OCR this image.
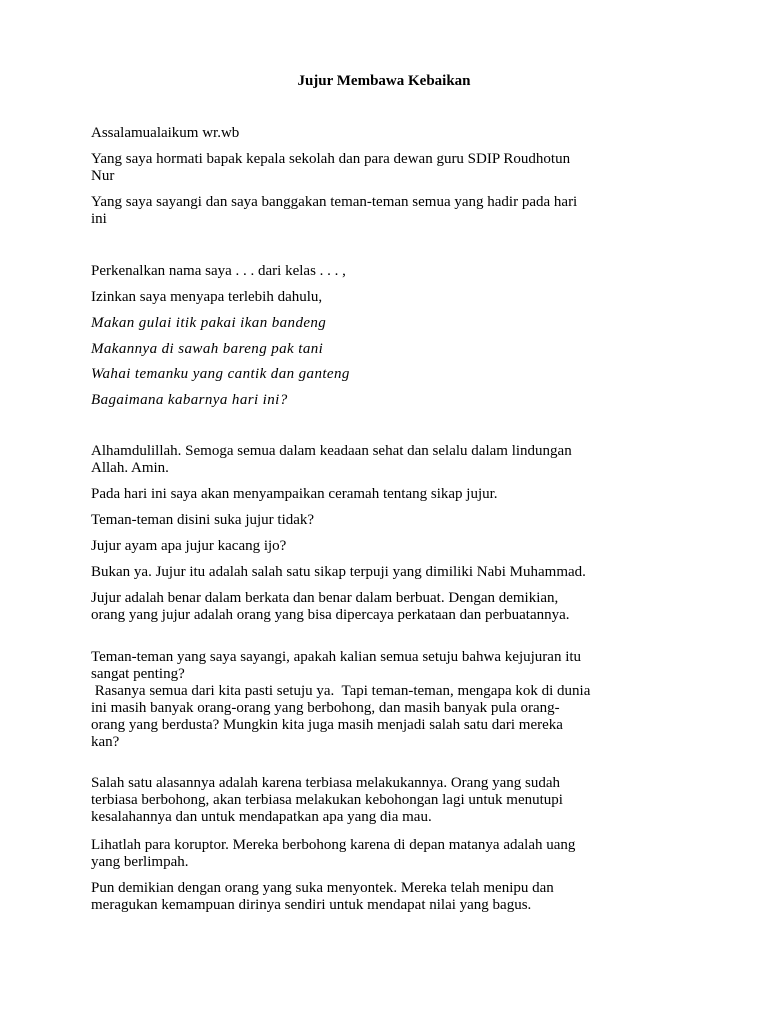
Jujur Membawa Kebaikan

Assalamualaikum wr.wb

Yang saya hormati bapak kepala sekolah dan para dewan guru SDIP Roudhotun

Nur

Yang saya sayangi dan saya banggakan teman-teman semua yang hadir pada hari

ini

Perkenalkan nama saya . . . dari kelas . . . ,

Izinkan saya menyapa terlebih dahulu,

Makan gulai itik pakai ikan bandeng

Makannya di sawah bareng pak tani

Wahai temanku yang cantik dan ganteng

Bagaimana kabarnya hari ini?

Alhamdulillah. Semoga semua dalam keadaan sehat dan selalu dalam lindungan

Allah. Amin.

Pada hari ini saya akan menyampaikan ceramah tentang sikap jujur.

Teman-teman disini suka jujur tidak?

Jujur ayam apa jujur kacang ijo?

Bukan ya. Jujur itu adalah salah satu sikap terpuji yang dimiliki Nabi Muhammad.

Jujur adalah benar dalam berkata dan benar dalam berbuat. Dengan demikian,

orang yang jujur adalah orang yang bisa dipercaya perkataan dan perbuatannya.

Teman-teman yang saya sayangi, apakah kalian semua setuju bahwa kejujuran itu

sangat penting?

Rasanya semua dari kita pasti setuju ya.  Tapi teman-teman, mengapa kok di dunia

ini masih banyak orang-orang yang berbohong, dan masih banyak pula orang-

orang yang berdusta? Mungkin kita juga masih menjadi salah satu dari mereka

kan?

Salah satu alasannya adalah karena terbiasa melakukannya. Orang yang sudah

terbiasa berbohong, akan terbiasa melakukan kebohongan lagi untuk menutupi

kesalahannya dan untuk mendapatkan apa yang dia mau.

Lihatlah para koruptor. Mereka berbohong karena di depan matanya adalah uang

yang berlimpah.

Pun demikian dengan orang yang suka menyontek. Mereka telah menipu dan

meragukan kemampuan dirinya sendiri untuk mendapat nilai yang bagus.
